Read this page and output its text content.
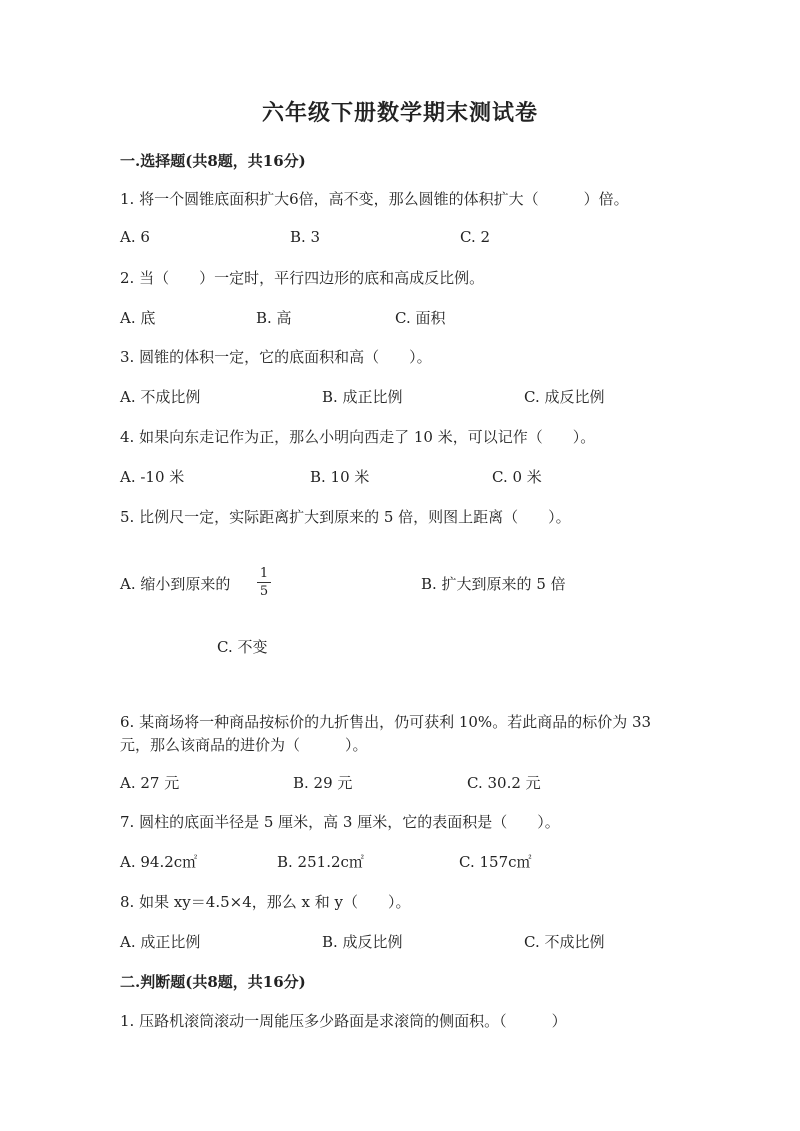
六年级下册数学期末测试卷
一.选择题(共8题，共16分)
1. 将一个圆锥底面积扩大6倍，高不变，那么圆锥的体积扩大（　　　）倍。
A. 6	B. 3	C. 2
2. 当（　　）一定时，平行四边形的底和高成反比例。
A. 底	B. 高	C. 面积
3. 圆锥的体积一定，它的底面积和高（　　）。
A. 不成比例	B. 成正比例	C. 成反比例
4. 如果向东走记作为正，那么小明向西走了 10 米，可以记作（　　）。
A. -10 米	B. 10 米	C. 0 米
5. 比例尺一定，实际距离扩大到原来的 5 倍，则图上距离（　　）。
A. 缩小到原来的
1
5	B. 扩大到原来的 5 倍
C. 不变
6. 某商场将一种商品按标价的九折售出，仍可获利 10%。若此商品的标价为 33
元，那么该商品的进价为（　　　）。
A. 27 元	B. 29 元	C. 30.2 元
7. 圆柱的底面半径是 5 厘米，高 3 厘米，它的表面积是（　　）。
A. 94.2c㎡	B. 251.2c㎡	C. 157c㎡
8. 如果 xy＝4.5×4，那么 x 和 y（　　）。
A. 成正比例	B. 成反比例	C. 不成比例
二.判断题(共8题，共16分)
1. 压路机滚筒滚动一周能压多少路面是求滚筒的侧面积。（　　　）
